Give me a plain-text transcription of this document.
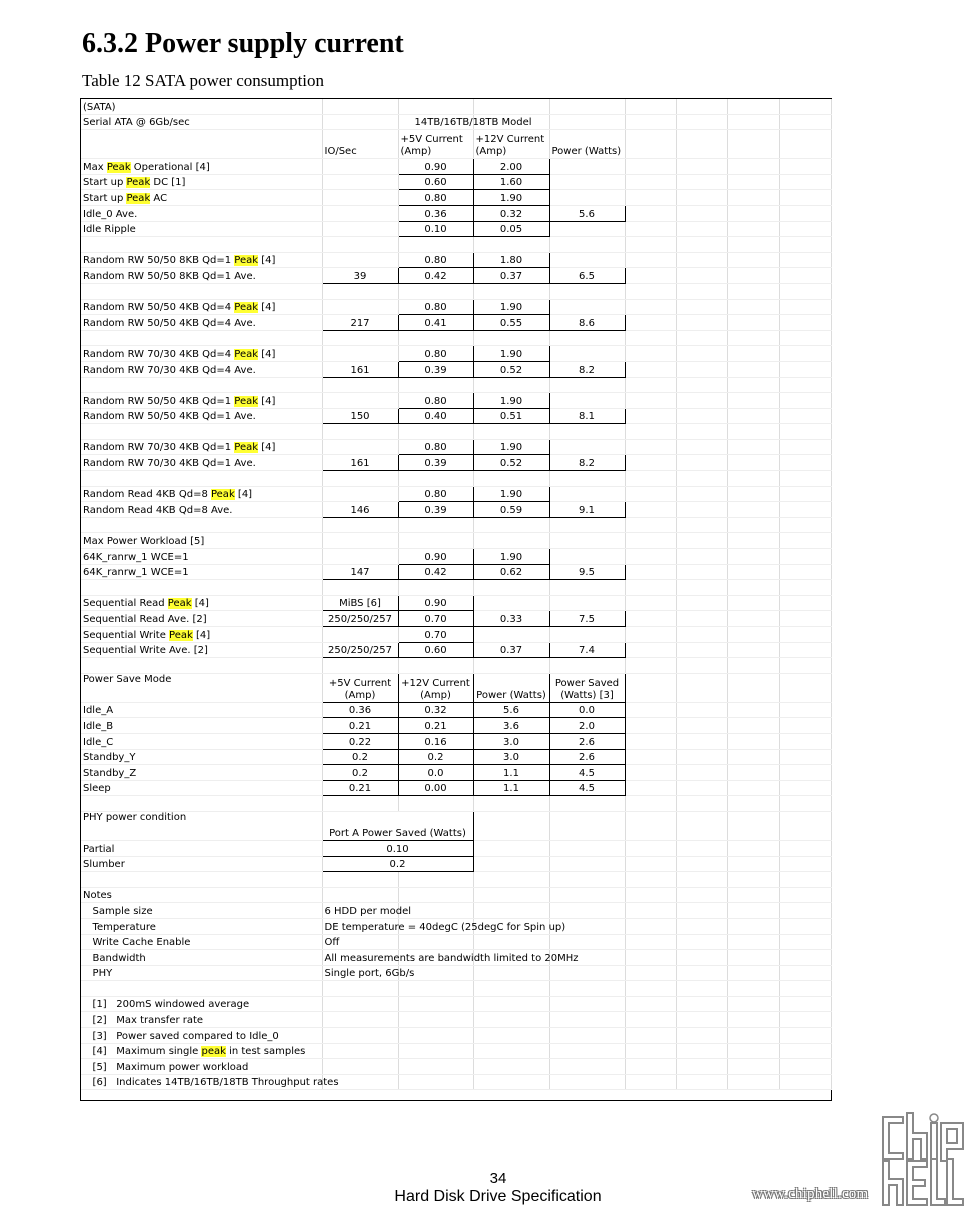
6.3.2 Power supply current

Table 12 SATA power consumption

(SATA)								
Serial ATA @ 6Gb/sec		14TB/16TB/18TB Model						
	IO/Sec	+5V Current (Amp)	+12V Current (Amp)	Power (Watts)				
Max Peak Operational [4]		0.90	2.00					
Start up Peak DC [1]		0.60	1.60					
Start up Peak AC		0.80	1.90					
Idle_0 Ave.		0.36	0.32	5.6				
Idle Ripple		0.10	0.05					

Random RW 50/50 8KB Qd=1 Peak [4]		0.80	1.80					
Random RW 50/50 8KB Qd=1 Ave.	39	0.42	0.37	6.5				

Random RW 50/50 4KB Qd=4 Peak [4]		0.80	1.90					
Random RW 50/50 4KB Qd=4 Ave.	217	0.41	0.55	8.6				

Random RW 70/30 4KB Qd=4 Peak [4]		0.80	1.90					
Random RW 70/30 4KB Qd=4 Ave.	161	0.39	0.52	8.2				

Random RW 50/50 4KB Qd=1 Peak [4]		0.80	1.90					
Random RW 50/50 4KB Qd=1 Ave.	150	0.40	0.51	8.1				

Random RW 70/30 4KB Qd=1 Peak [4]		0.80	1.90					
Random RW 70/30 4KB Qd=1 Ave.	161	0.39	0.52	8.2				

Random Read 4KB Qd=8 Peak [4]		0.80	1.90					
Random Read 4KB Qd=8 Ave.	146	0.39	0.59	9.1				

Max Power Workload [5]								
64K_ranrw_1 WCE=1		0.90	1.90					
64K_ranrw_1 WCE=1	147	0.42	0.62	9.5				

Sequential Read Peak [4]	MiBS [6]	0.90						
Sequential Read Ave. [2]	250/250/257	0.70	0.33	7.5				
Sequential Write Peak [4]		0.70						
Sequential Write Ave. [2]	250/250/257	0.60	0.37	7.4				

Power Save Mode	+5V Current (Amp)	+12V Current (Amp)	Power (Watts)	Power Saved (Watts) [3]				
Idle_A	0.36	0.32	5.6	0.0				
Idle_B	0.21	0.21	3.6	2.0				
Idle_C	0.22	0.16	3.0	2.6				
Standby_Y	0.2	0.2	3.0	2.6				
Standby_Z	0.2	0.0	1.1	4.5				
Sleep	0.21	0.00	1.1	4.5				

PHY power condition	Port A Power Saved (Watts)							
Partial	0.10							
Slumber	0.2							

Notes								
Sample size	6 HDD per model							
Temperature	DE temperature = 40degC (25degC for Spin up)							
Write Cache Enable	Off							
Bandwidth	All measurements are bandwidth limited to 20MHz							
PHY	Single port, 6Gb/s							

[1]   200mS windowed average								
[2]   Max transfer rate								
[3]   Power saved compared to Idle_0								
[4]   Maximum single peak in test samples								
[5]   Maximum power workload								
[6]   Indicates 14TB/16TB/18TB Throughput rates								
34
Hard Disk Drive Specification	www.chiphell.com
